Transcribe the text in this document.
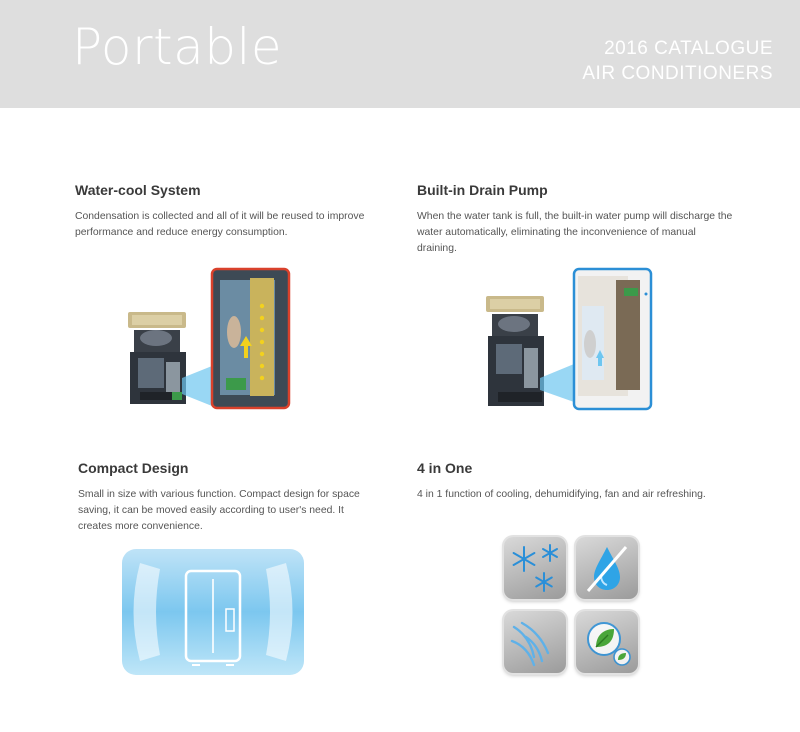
Portable	2016 CATALOGUE
AIR CONDITIONERS
Water-cool System
Condensation is collected and all of it will be reused to improve performance and reduce energy consumption.
Built-in Drain Pump
When the water tank is full, the built-in water pump will discharge the water automatically, eliminating the inconvenience of manual draining.
Compact Design
Small in size with various function. Compact design for space saving, it can be moved easily according to user's need. It creates more convenience.
4 in One
4 in 1 function of cooling, dehumidifying, fan and air refreshing.
